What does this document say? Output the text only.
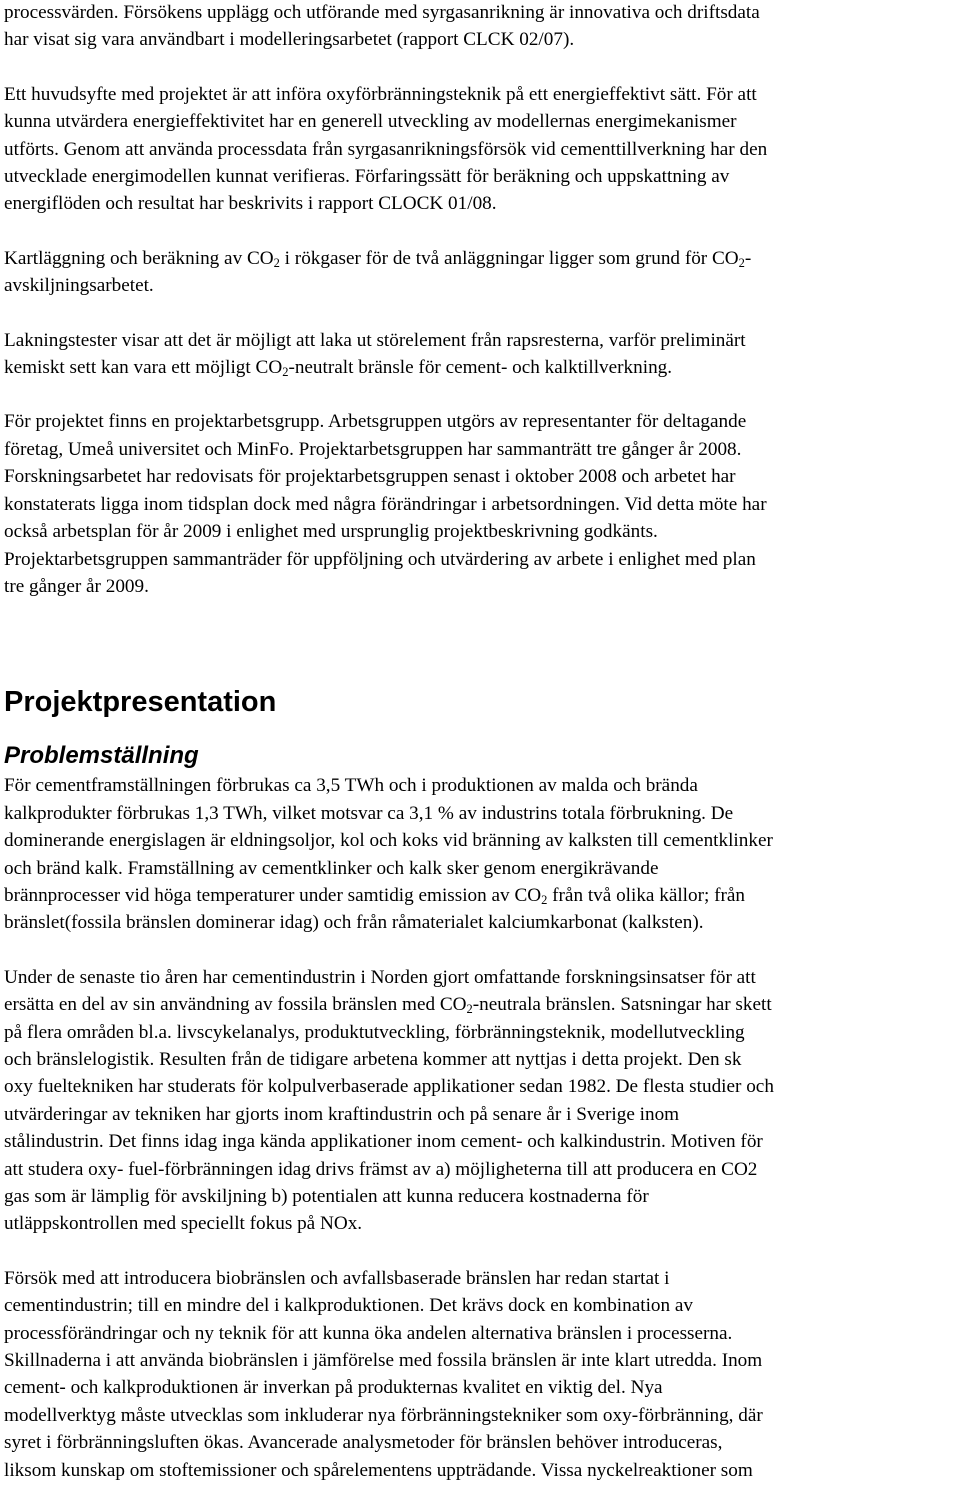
processvärden. Försökens upplägg och utförande med syrgasanrikning är innovativa och driftsdata
har visat sig vara användbart i modelleringsarbetet (rapport CLCK 02/07).
Ett huvudsyfte med projektet är att införa oxyförbränningsteknik på ett energieffektivt sätt. För att
kunna utvärdera energieffektivitet har en generell utveckling av modellernas energimekanismer
utförts. Genom att använda processdata från syrgasanrikningsförsök vid cementtillverkning har den
utvecklade energimodellen kunnat verifieras. Förfaringssätt för beräkning och uppskattning av
energiflöden och resultat har beskrivits i rapport CLOCK 01/08.
Kartläggning och beräkning av $CO_2$ i rökgaser för de två anläggningar ligger som grund för $CO_2-$
avskiljningsarbetet.
Lakningstester visar att det är möjligt att laka ut störelement från rapsresterna, varför preliminärt
kemiskt sett kan vara ett möjligt $CO_2$-neutralt bränsle för cement- och kalktillverkning.
För projektet finns en projektarbetsgrupp. Arbetsgruppen utgörs av representanter för deltagande
företag, Umeå universitet och MinFo. Projektarbetsgruppen har sammanträtt tre gånger år 2008.
Forskningsarbetet har redovisats för projektarbetsgruppen senast i oktober 2008 och arbetet har
konstaterats ligga inom tidsplan dock med några förändringar i arbetsordningen. Vid detta möte har
också arbetsplan för år 2009 i enlighet med ursprunglig projektbeskrivning godkänts.
Projektarbetsgruppen sammanträder för uppföljning och utvärdering av arbete i enlighet med plan
tre gånger år 2009.
Projektpresentation
Problemställning
För cementframställningen förbrukas ca 3,5 TWh och i produktionen av malda och brända
kalkprodukter förbrukas 1,3 TWh, vilket motsvar ca 3,1 % av industrins totala förbrukning. De
dominerande energislagen är eldningsoljor, kol och koks vid bränning av kalksten till cementklinker
och bränd kalk. Framställning av cementklinker och kalk sker genom energikrävande
brännprocesser vid höga temperaturer under samtidig emission av $CO_2$ från två olika källor; från
bränslet(fossila bränslen dominerar idag) och från råmaterialet kalciumkarbonat (kalksten).
Under de senaste tio åren har cementindustrin i Norden gjort omfattande forskningsinsatser för att
ersätta en del av sin användning av fossila bränslen med $CO_2$-neutrala bränslen. Satsningar har skett
på flera områden bl.a. livscykelanalys, produktutveckling, förbränningsteknik, modellutveckling
och bränslelogistik. Resulten från de tidigare arbetena kommer att nyttjas i detta projekt. Den sk
oxy fueltekniken har studerats för kolpulverbaserade applikationer sedan 1982. De flesta studier och
utvärderingar av tekniken har gjorts inom kraftindustrin och på senare år i Sverige inom
stålindustrin. Det finns idag inga kända applikationer inom cement- och kalkindustrin. Motiven för
att studera oxy- fuel-förbränningen idag drivs främst av a) möjligheterna till att producera en CO2
gas som är lämplig för avskiljning b) potentialen att kunna reducera kostnaderna för
utläppskontrollen med speciellt fokus på NOx.
Försök med att introducera biobränslen och avfallsbaserade bränslen har redan startat i
cementindustrin; till en mindre del i kalkproduktionen. Det krävs dock en kombination av
processförändringar och ny teknik för att kunna öka andelen alternativa bränslen i processerna.
Skillnaderna i att använda biobränslen i jämförelse med fossila bränslen är inte klart utredda. Inom
cement- och kalkproduktionen är inverkan på produkternas kvalitet en viktig del. Nya
modellverktyg måste utvecklas som inkluderar nya förbränningstekniker som oxy-förbränning, där
syret i förbränningsluften ökas. Avancerade analysmetoder för bränslen behöver introduceras,
liksom kunskap om stoftemissioner och spårelementens uppträdande. Vissa nyckelreaktioner som
